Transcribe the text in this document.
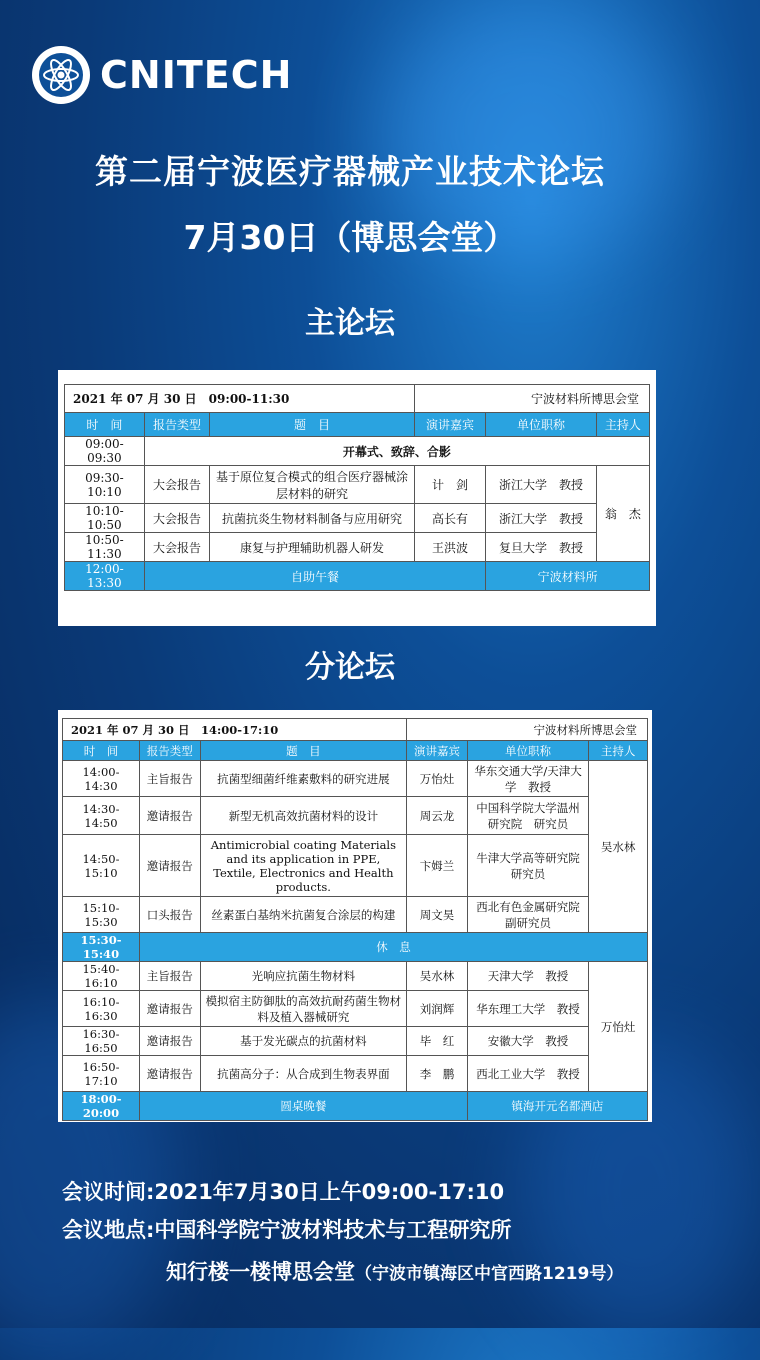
CNITECH
第二届宁波医疗器械产业技术论坛
7月30日（博思会堂）
主论坛
2021 年 07 月 30 日　09:00-11:30			宁波材料所博思会堂		
时　间	报告类型	题　目	演讲嘉宾	单位职称	主持人
09:00-09:30	开幕式、致辞、合影				
09:30-10:10	大会报告	基于原位复合模式的组合医疗器械涂层材料的研究	计　剑	浙江大学　教授	翁　杰
10:10-10:50	大会报告	抗菌抗炎生物材料制备与应用研究	高长有	浙江大学　教授	
10:50-11:30	大会报告	康复与护理辅助机器人研发	王洪波	复旦大学　教授	
12:00-13:30	自助午餐			宁波材料所	
分论坛
2021 年 07 月 30 日　14:00-17:10			宁波材料所博思会堂		
时　间	报告类型	题　目	演讲嘉宾	单位职称	主持人
14:00-14:30	主旨报告	抗菌型细菌纤维素敷料的研究进展	万怡灶	华东交通大学/天津大学　教授	吴水林
14:30-14:50	邀请报告	新型无机高效抗菌材料的设计	周云龙	中国科学院大学温州研究院　研究员	
14:50-15:10	邀请报告	Antimicrobial coating Materials and its application in PPE, Textile, Electronics and Health products.	卞姆兰	牛津大学高等研究院　研究员	
15:10-15:30	口头报告	丝素蛋白基纳米抗菌复合涂层的构建	周文昊	西北有色金属研究院　副研究员	
15:30-15:40	休　息				
15:40-16:10	主旨报告	光响应抗菌生物材料	吴水林	天津大学　教授	万怡灶
16:10-16:30	邀请报告	模拟宿主防御肽的高效抗耐药菌生物材料及植入器械研究	刘润辉	华东理工大学　教授	
16:30-16:50	邀请报告	基于发光碳点的抗菌材料	毕　红	安徽大学　教授	
16:50-17:10	邀请报告	抗菌高分子：从合成到生物表界面	李　鹏	西北工业大学　教授	
18:00-20:00	圆桌晚餐			镇海开元名都酒店	
会议时间:2021年7月30日上午09:00-17:10
会议地点:中国科学院宁波材料技术与工程研究所
知行楼一楼博思会堂（宁波市镇海区中官西路1219号）
